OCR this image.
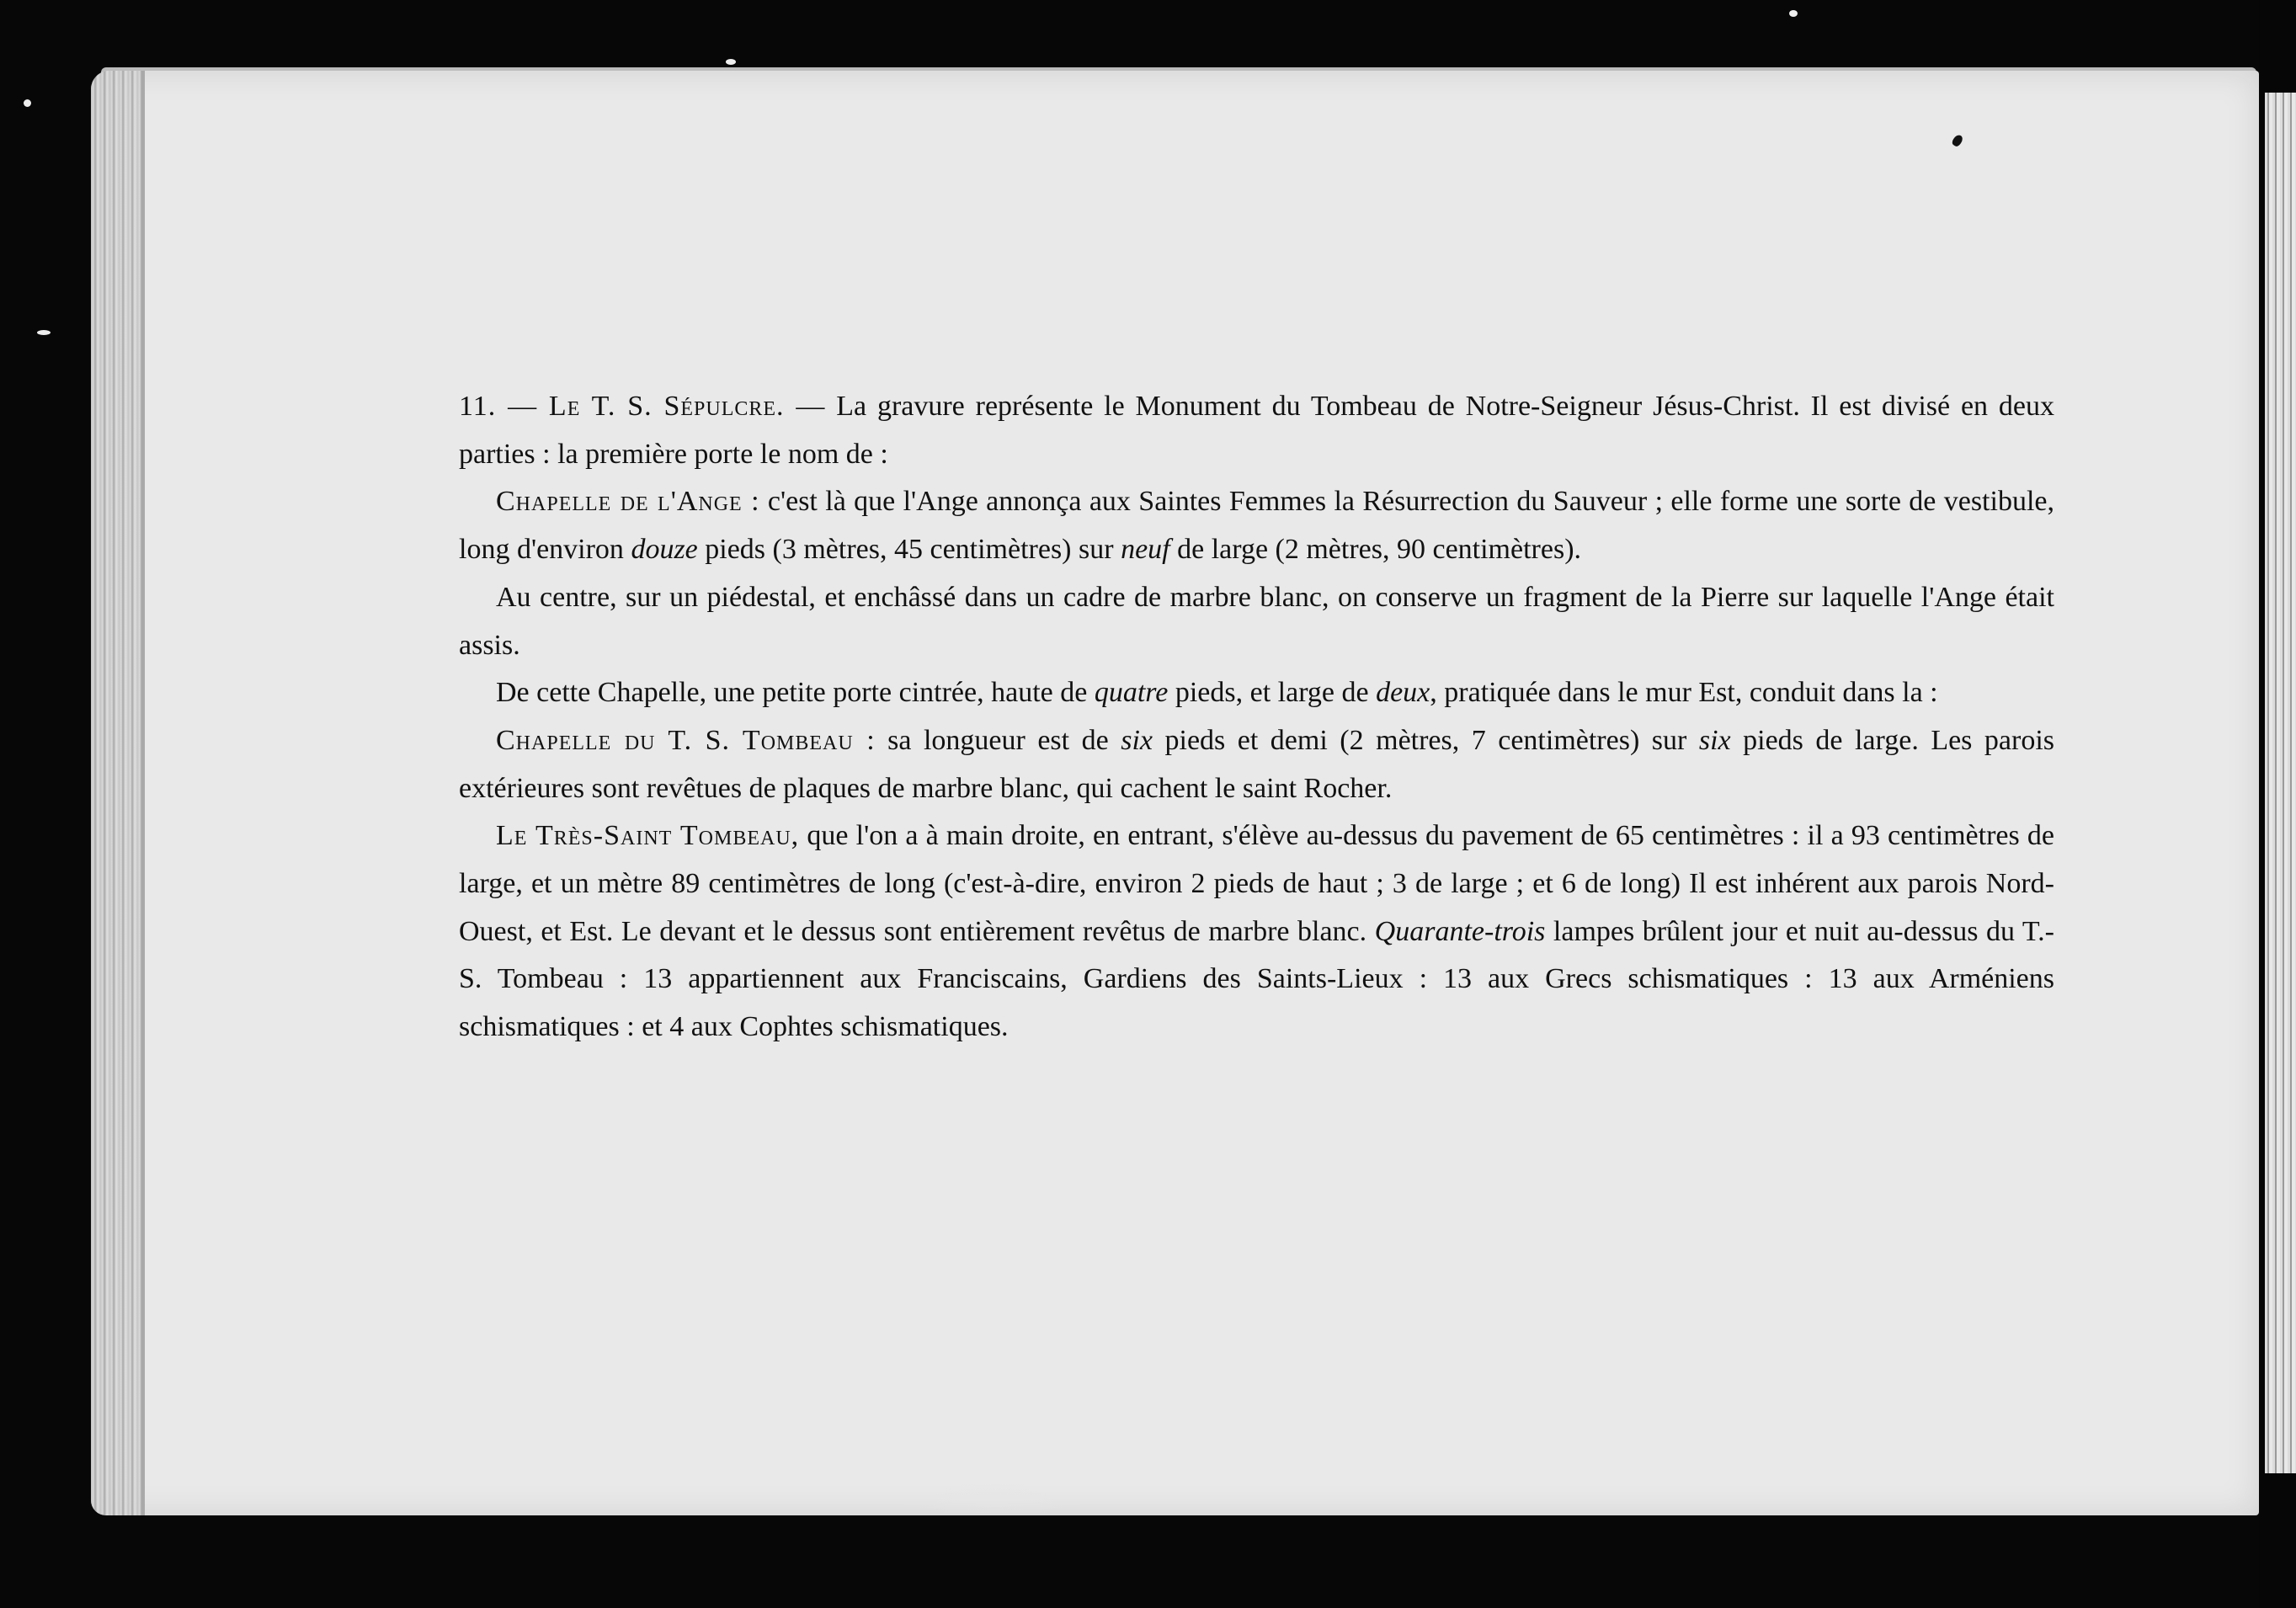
11. — Le T. S. Sépulcre. — La gravure représente le Monument du Tombeau de Notre-Seigneur Jésus-Christ. Il est divisé en deux parties : la première porte le nom de :

Chapelle de l'Ange : c'est là que l'Ange annonça aux Saintes Femmes la Résurrection du Sauveur ; elle forme une sorte de vestibule, long d'environ douze pieds (3 mètres, 45 centimètres) sur neuf de large (2 mètres, 90 centimètres).

Au centre, sur un piédestal, et enchâssé dans un cadre de marbre blanc, on conserve un fragment de la Pierre sur laquelle l'Ange était assis.

De cette Chapelle, une petite porte cintrée, haute de quatre pieds, et large de deux, pratiquée dans le mur Est, conduit dans la :

Chapelle du T. S. Tombeau : sa longueur est de six pieds et demi (2 mètres, 7 centimètres) sur six pieds de large. Les parois extérieures sont revêtues de plaques de marbre blanc, qui cachent le saint Rocher.

Le Très-Saint Tombeau, que l'on a à main droite, en entrant, s'élève au-dessus du pavement de 65 centimètres : il a 93 centimètres de large, et un mètre 89 centimètres de long (c'est-à-dire, environ 2 pieds de haut ; 3 de large ; et 6 de long) Il est inhérent aux parois Nord-Ouest, et Est. Le devant et le dessus sont entièrement revêtus de marbre blanc. Quarante-trois lampes brûlent jour et nuit au-dessus du T.-S. Tombeau : 13 appartiennent aux Franciscains, Gardiens des Saints-Lieux : 13 aux Grecs schismatiques : 13 aux Arméniens schismatiques : et 4 aux Cophtes schismatiques.
